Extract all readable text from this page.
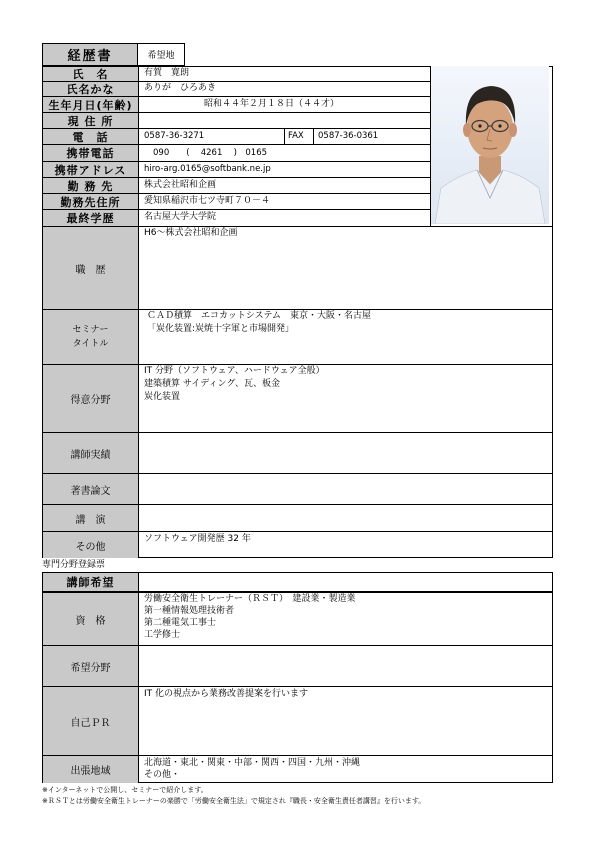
経歴書	希望地
氏　名
氏名かな
生年月日(年齢)
現 住 所
電　話
携帯電話
携帯アドレス
勤 務 先
勤務先住所
最終学歴
職　歴
セミナー
タイトル
得意分野
講師実績
著書論文
講　演
その他
有賀　寛朗
ありが　ひろあき
昭和４４年２月１８日（４４才）
0587-36-3271	FAX 0587-36-0361
090　　(　 4261　 )　0165
hiro-arg.0165@softbank.ne.jp
株式会社昭和企画
愛知県稲沢市七ツ寺町７０－４
名古屋大学大学院
H6～株式会社昭和企画
ＣＡＤ積算　エコカットシステム　東京・大阪・名古屋
「炭化装置:炭焼十字軍と市場開発」
IT 分野（ソフトウェア、ハードウェア全般）
建築積算 サイディング、瓦、板金
炭化装置
ソフトウェア開発歴 32 年
専門分野登録票
講師希望
資　格
希望分野
自己ＰＲ
出張地域
労働安全衛生トレーナー（ＲＳＴ）　建設業・製造業
第一種情報処理技術者
第二種電気工事士
工学修士
IT 化の視点から業務改善提案を行います
北海道・東北・関東・中部・関西・四国・九州・沖縄
その他・
※インターネットで公開し、セミナーで紹介します。
※ＲＳＴとは労働安全衛生トレーナーの楽勝で「労働安全衛生法」で規定され『職長・安全衛生責任者講習』を行います。
